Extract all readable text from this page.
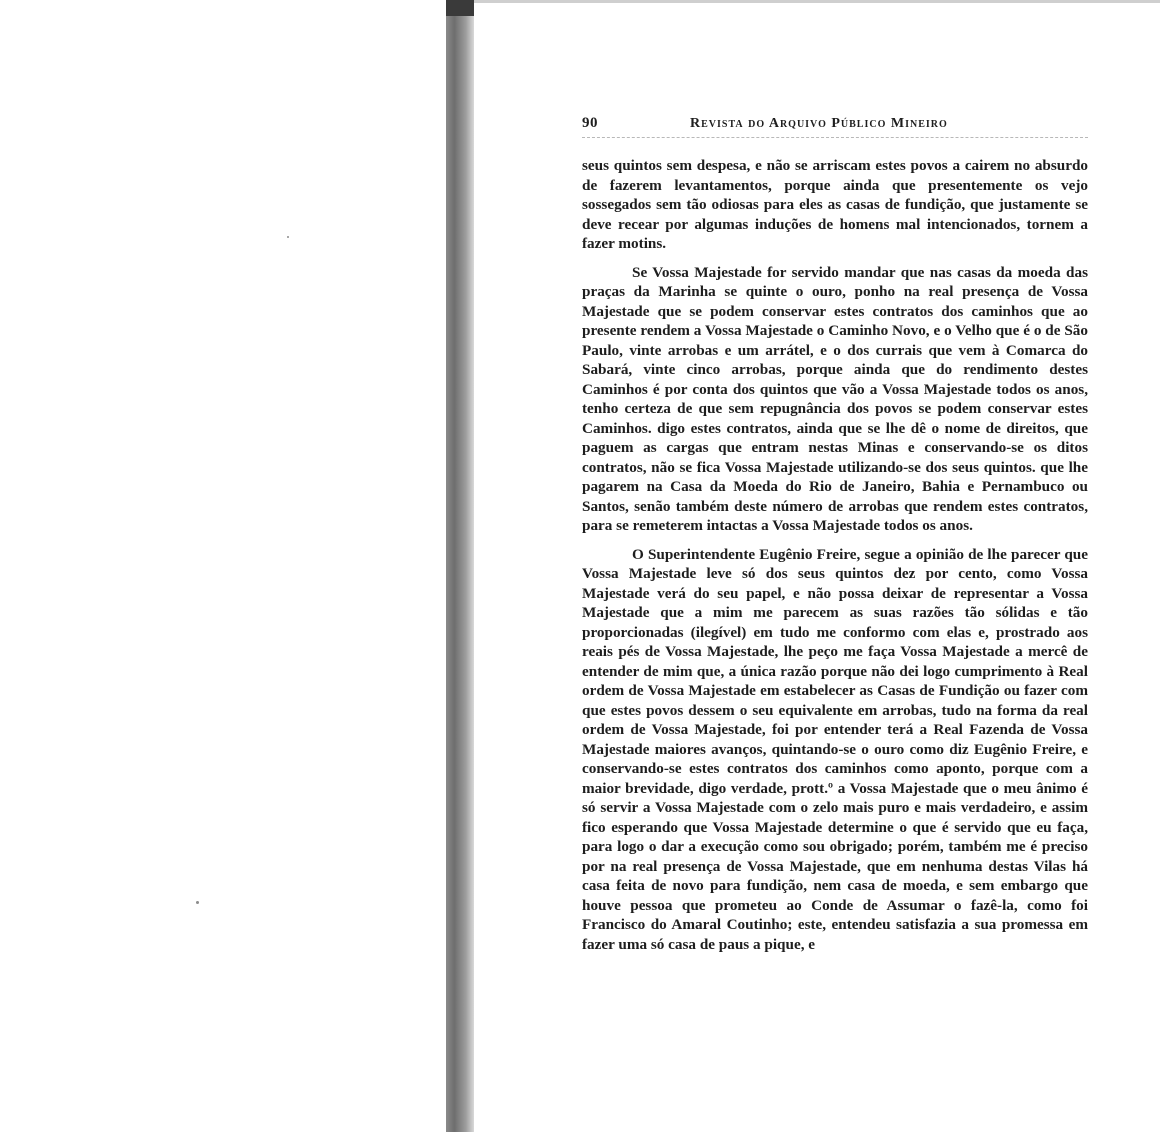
90	Revista do Arquivo Público Mineiro

seus quintos sem despesa, e não se arriscam estes povos a cairem no absurdo de fazerem levantamentos, porque ainda que presentemente os vejo sossegados sem tão odiosas para eles as casas de fundição, que justamente se deve recear por algumas induções de homens mal intencionados, tornem a fazer motins.

Se Vossa Majestade for servido mandar que nas casas da moeda das praças da Marinha se quinte o ouro, ponho na real presença de Vossa Majestade que se podem conservar estes contratos dos caminhos que ao presente rendem a Vossa Majestade o Caminho Novo, e o Velho que é o de São Paulo, vinte arrobas e um arrátel, e o dos currais que vem à Comarca do Sabará, vinte cinco arrobas, porque ainda que do rendimento destes Caminhos é por conta dos quintos que vão a Vossa Majestade todos os anos, tenho certeza de que sem repugnância dos povos se podem conservar estes Caminhos. digo estes contratos, ainda que se lhe dê o nome de direitos, que paguem as cargas que entram nestas Minas e conservando-se os ditos contratos, não se fica Vossa Majestade utilizando-se dos seus quintos. que lhe pagarem na Casa da Moeda do Rio de Janeiro, Bahia e Pernambuco ou Santos, senão também deste número de arrobas que rendem estes contratos, para se remeterem intactas a Vossa Majestade todos os anos.

O Superintendente Eugênio Freire, segue a opinião de lhe parecer que Vossa Majestade leve só dos seus quintos dez por cento, como Vossa Majestade verá do seu papel, e não possa deixar de representar a Vossa Majestade que a mim me parecem as suas razões tão sólidas e tão proporcionadas (ilegível) em tudo me conformo com elas e, prostrado aos reais pés de Vossa Majestade, lhe peço me faça Vossa Majestade a mercê de entender de mim que, a única razão porque não dei logo cumprimento à Real ordem de Vossa Majestade em estabelecer as Casas de Fundição ou fazer com que estes povos dessem o seu equivalente em arrobas, tudo na forma da real ordem de Vossa Majestade, foi por entender terá a Real Fazenda de Vossa Majestade maiores avanços, quintando-se o ouro como diz Eugênio Freire, e conservando-se estes contratos dos caminhos como aponto, porque com a maior brevidade, digo verdade, prott.º a Vossa Majestade que o meu ânimo é só servir a Vossa Majestade com o zelo mais puro e mais verdadeiro, e assim fico esperando que Vossa Majestade determine o que é servido que eu faça, para logo o dar a execução como sou obrigado; porém, também me é preciso por na real presença de Vossa Majestade, que em nenhuma destas Vilas há casa feita de novo para fundição, nem casa de moeda, e sem embargo que houve pessoa que prometeu ao Conde de Assumar o fazê-la, como foi Francisco do Amaral Coutinho; este, entendeu satisfazia a sua promessa em fazer uma só casa de paus a pique, e
